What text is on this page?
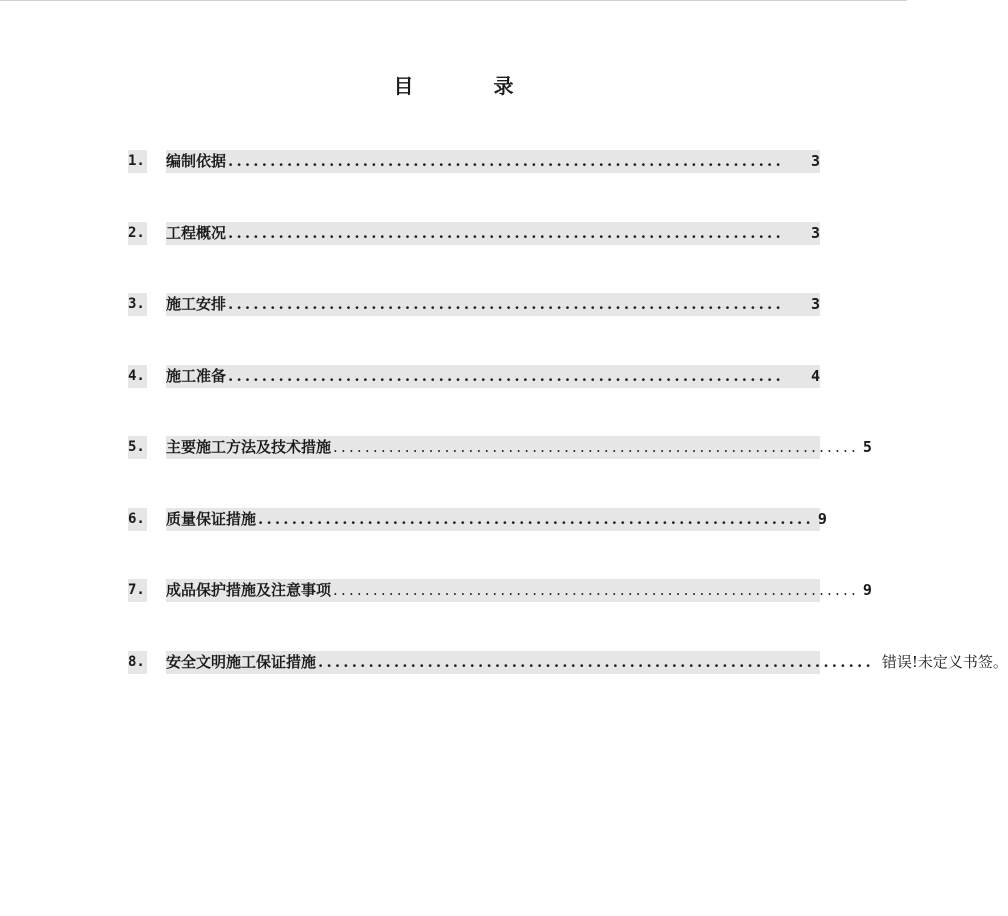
目　录
1.	编制依据 ..................................................................	3
2.	工程概况 ..................................................................	3
3.	施工安排 ..................................................................	3
4.	施工准备 ..................................................................	4
5.	主要施工方法及技术措施 .................................................................. 5
6.	质量保证措施 .................................................................. 9
7.	成品保护措施及注意事项 .................................................................. 9
8.	安全文明施工保证措施 .................................................................. 错误!未定义书签。
